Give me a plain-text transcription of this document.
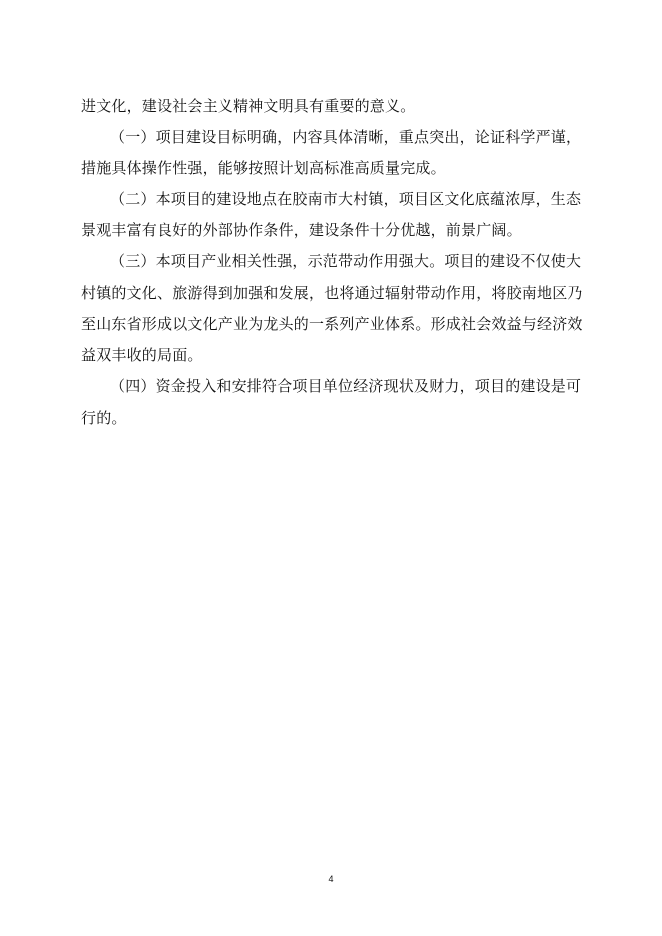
进文化，建设社会主义精神文明具有重要的意义。
（一）项目建设目标明确，内容具体清晰，重点突出，论证科学严谨，
措施具体操作性强，能够按照计划高标准高质量完成。
（二）本项目的建设地点在胶南市大村镇，项目区文化底蕴浓厚，生态
景观丰富有良好的外部协作条件，建设条件十分优越，前景广阔。
（三）本项目产业相关性强，示范带动作用强大。项目的建设不仅使大
村镇的文化、旅游得到加强和发展，也将通过辐射带动作用，将胶南地区乃
至山东省形成以文化产业为龙头的一系列产业体系。形成社会效益与经济效
益双丰收的局面。
（四）资金投入和安排符合项目单位经济现状及财力，项目的建设是可
行的。
4
